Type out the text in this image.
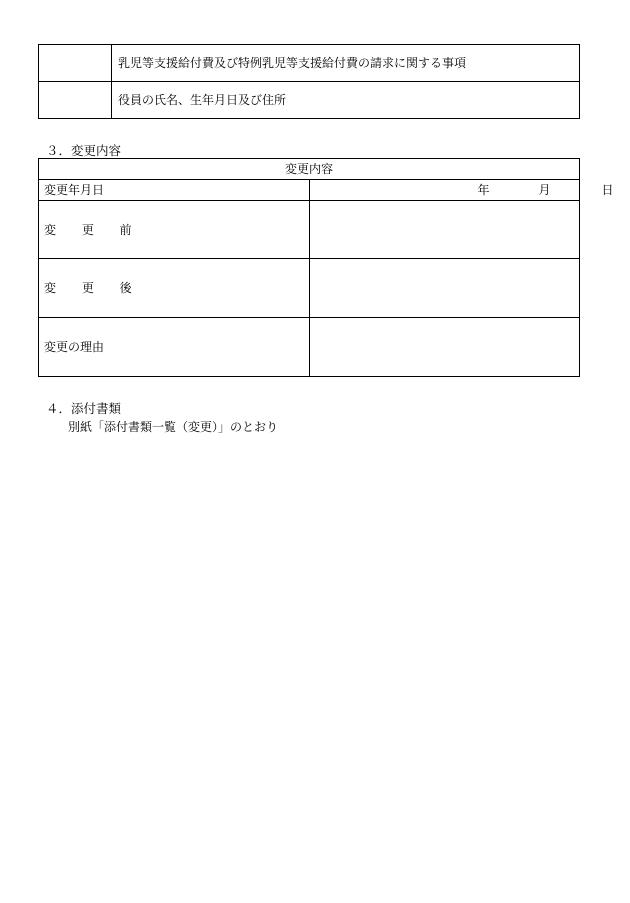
	乳児等支援給付費及び特例乳児等支援給付費の請求に関する事項
	役員の氏名、生年月日及び住所
３．変更内容
変更内容	
変更年月日	年 月 日

変 更 前	
変 更 後	
変更の理由	
４．添付書類
別紙「添付書類一覧（変更）」のとおり
